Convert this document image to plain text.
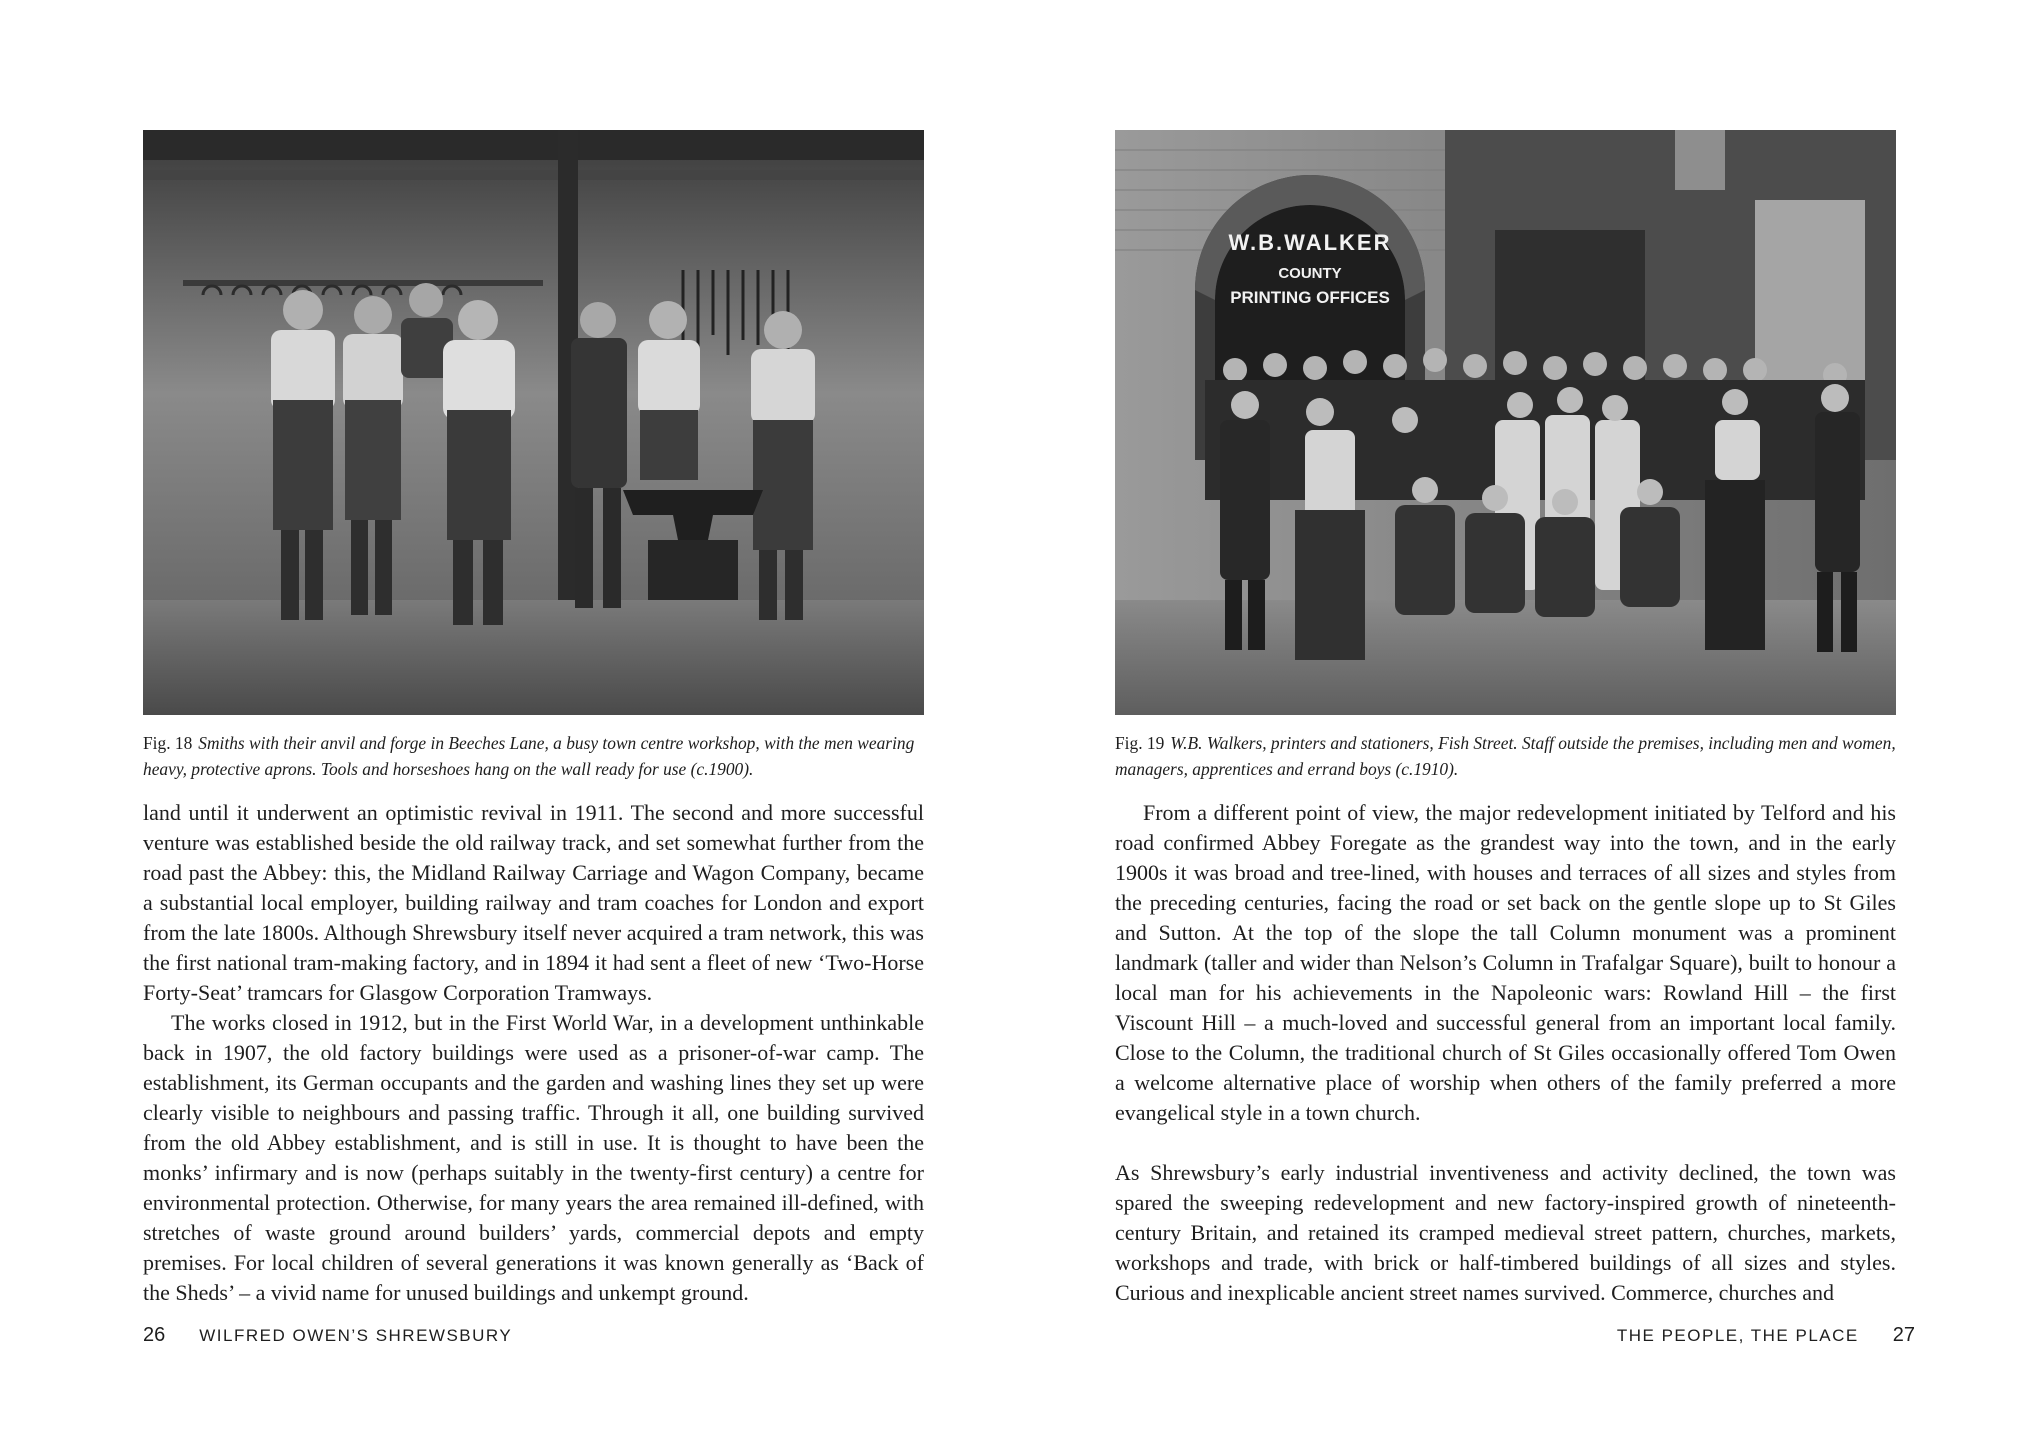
Fig. 18 Smiths with their anvil and forge in Beeches Lane, a busy town centre workshop, with the men wearing heavy, protective aprons. Tools and horseshoes hang on the wall ready for use (c.1900).

land until it underwent an optimistic revival in 1911. The second and more successful venture was established beside the old railway track, and set somewhat further from the road past the Abbey: this, the Midland Railway Carriage and Wagon Company, became a substantial local employer, building railway and tram coaches for London and export from the late 1800s. Although Shrewsbury itself never acquired a tram network, this was the first national tram-making factory, and in 1894 it had sent a fleet of new ‘Two-Horse Forty-Seat’ tramcars for Glasgow Corporation Tramways.

The works closed in 1912, but in the First World War, in a development unthinkable back in 1907, the old factory buildings were used as a prisoner-of-war camp. The establishment, its German occupants and the garden and washing lines they set up were clearly visible to neighbours and passing traffic. Through it all, one building survived from the old Abbey establishment, and is still in use. It is thought to have been the monks’ infirmary and is now (perhaps suitably in the twenty-first century) a centre for environmental protection. Otherwise, for many years the area remained ill-defined, with stretches of waste ground around builders’ yards, commercial depots and empty premises. For local children of several generations it was known generally as ‘Back of the Sheds’ – a vivid name for unused buildings and unkempt ground.

26 WILFRED OWEN’S SHREWSBURY
W.B.WALKER
COUNTY
PRINTING OFFICES

Fig. 19 W.B. Walkers, printers and stationers, Fish Street. Staff outside the premises, including men and women, managers, apprentices and errand boys (c.1910).

From a different point of view, the major redevelopment initiated by Telford and his road confirmed Abbey Foregate as the grandest way into the town, and in the early 1900s it was broad and tree-lined, with houses and terraces of all sizes and styles from the preceding centuries, facing the road or set back on the gentle slope up to St Giles and Sutton. At the top of the slope the tall Column monument was a prominent landmark (taller and wider than Nelson’s Column in Trafalgar Square), built to honour a local man for his achievements in the Napoleonic wars: Rowland Hill – the first Viscount Hill – a much-loved and successful general from an important local family. Close to the Column, the traditional church of St Giles occasionally offered Tom Owen a welcome alternative place of worship when others of the family preferred a more evangelical style in a town church.

As Shrewsbury’s early industrial inventiveness and activity declined, the town was spared the sweeping redevelopment and new factory-inspired growth of nineteenth-century Britain, and retained its cramped medieval street pattern, churches, markets, workshops and trade, with brick or half-timbered buildings of all sizes and styles. Curious and inexplicable ancient street names survived. Commerce, churches and

THE PEOPLE, THE PLACE 27
